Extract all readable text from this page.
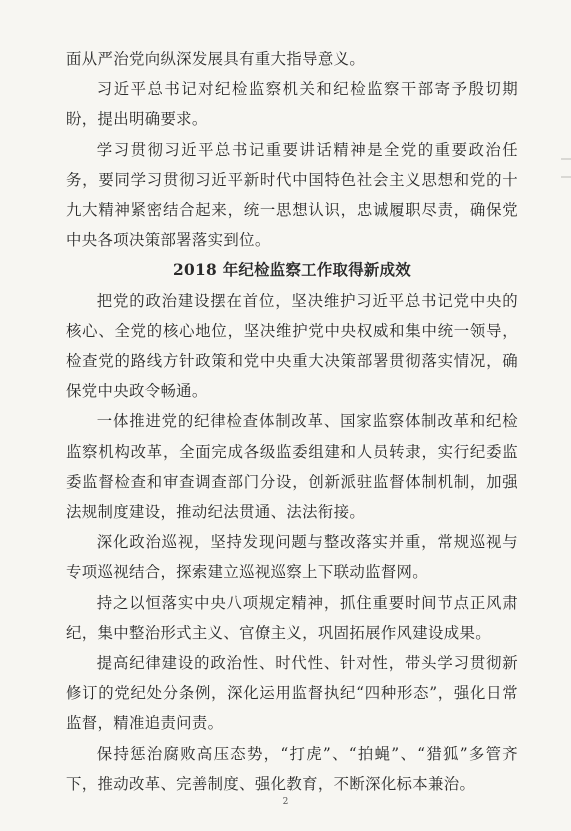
面从严治党向纵深发展具有重大指导意义。

习近平总书记对纪检监察机关和纪检监察干部寄予殷切期盼，提出明确要求。

学习贯彻习近平总书记重要讲话精神是全党的重要政治任务，要同学习贯彻习近平新时代中国特色社会主义思想和党的十九大精神紧密结合起来，统一思想认识，忠诚履职尽责，确保党中央各项决策部署落实到位。

2018 年纪检监察工作取得新成效

把党的政治建设摆在首位，坚决维护习近平总书记党中央的核心、全党的核心地位，坚决维护党中央权威和集中统一领导，检查党的路线方针政策和党中央重大决策部署贯彻落实情况，确保党中央政令畅通。

一体推进党的纪律检查体制改革、国家监察体制改革和纪检监察机构改革，全面完成各级监委组建和人员转隶，实行纪委监委监督检查和审查调查部门分设，创新派驻监督体制机制，加强法规制度建设，推动纪法贯通、法法衔接。

深化政治巡视，坚持发现问题与整改落实并重，常规巡视与专项巡视结合，探索建立巡视巡察上下联动监督网。

持之以恒落实中央八项规定精神，抓住重要时间节点正风肃纪，集中整治形式主义、官僚主义，巩固拓展作风建设成果。

提高纪律建设的政治性、时代性、针对性，带头学习贯彻新修订的党纪处分条例，深化运用监督执纪“四种形态”，强化日常监督，精准追责问责。

保持惩治腐败高压态势，“打虎”、“拍蝇”、“猎狐”多管齐下，推动改革、完善制度、强化教育，不断深化标本兼治。

2
